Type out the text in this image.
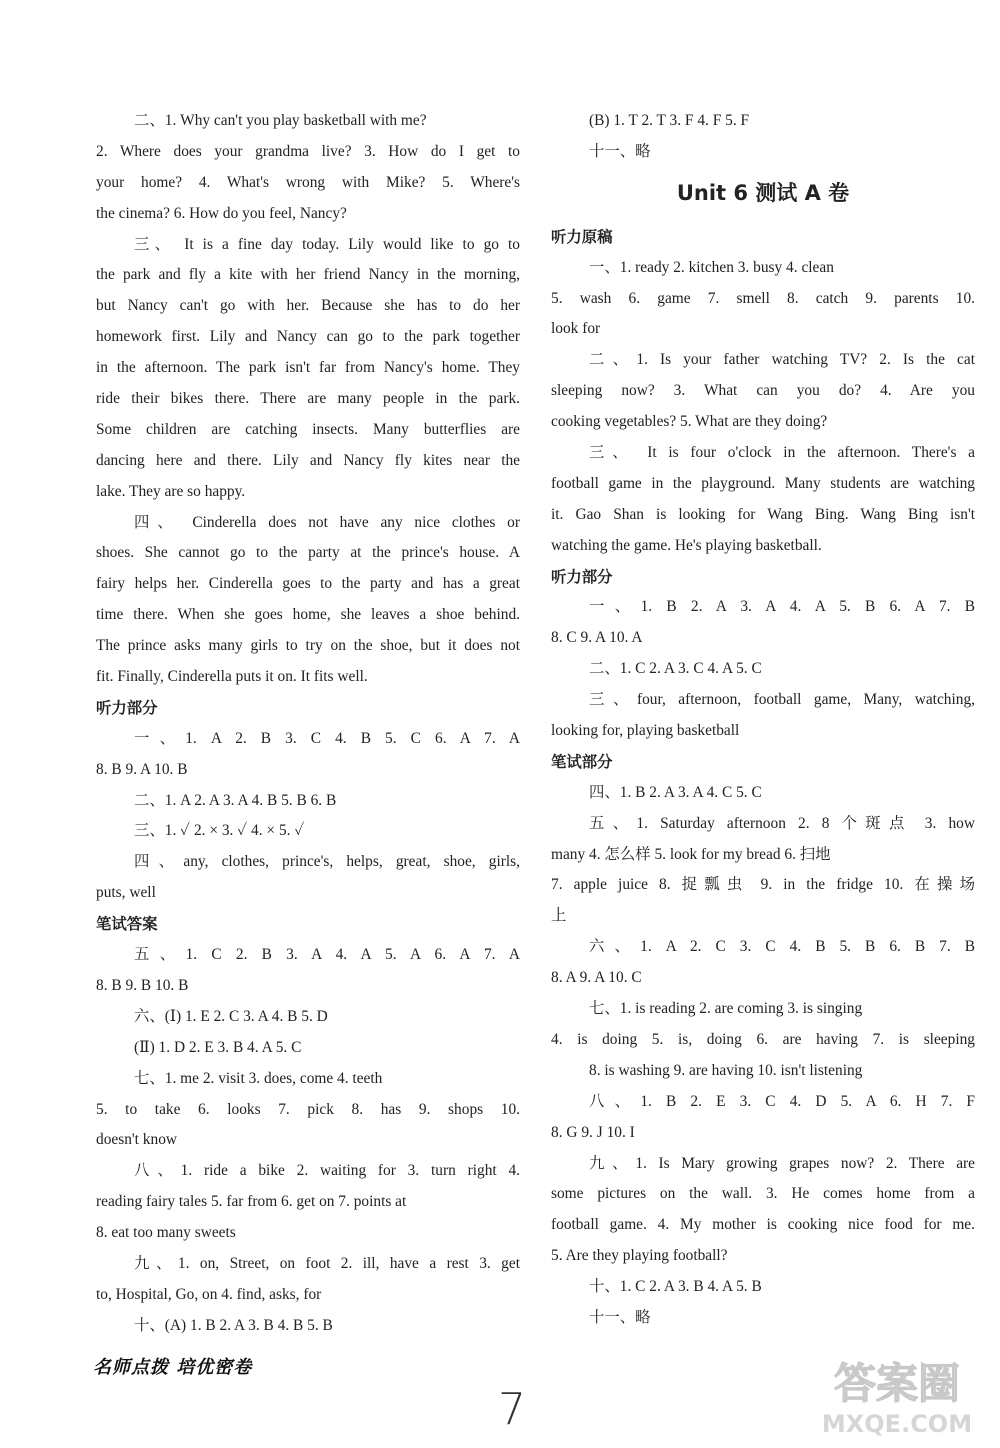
二、1. Why can't you play basketball with me?
2. Where does your grandma live? 3. How do I get to
your home? 4. What's wrong with Mike? 5. Where's
the cinema? 6. How do you feel, Nancy?
三、 It is a fine day today. Lily would like to go to
the park and fly a kite with her friend Nancy in the morning,
but Nancy can't go with her. Because she has to do her
homework first. Lily and Nancy can go to the park together
in the afternoon. The park isn't far from Nancy's home. They
ride their bikes there. There are many people in the park.
Some children are catching insects. Many butterflies are
dancing here and there. Lily and Nancy fly kites near the
lake. They are so happy.
四、 Cinderella does not have any nice clothes or
shoes. She cannot go to the party at the prince's house. A
fairy helps her. Cinderella goes to the party and has a great
time there. When she goes home, she leaves a shoe behind.
The prince asks many girls to try on the shoe, but it does not
fit. Finally, Cinderella puts it on. It fits well.
听力部分
一、1. A 2. B 3. C 4. B 5. C 6. A 7. A
8. B 9. A 10. B
二、1. A 2. A 3. A 4. B 5. B 6. B
三、1. ✓ 2. × 3. ✓ 4. × 5. ✓
四、any, clothes, prince's, helps, great, shoe, girls,
puts, well
笔试答案
五、1. C 2. B 3. A 4. A 5. A 6. A 7. A
8. B 9. B 10. B
六、(Ⅰ) 1. E 2. C 3. A 4. B 5. D
(Ⅱ) 1. D 2. E 3. B 4. A 5. C
七、1. me 2. visit 3. does, come 4. teeth
5. to take 6. looks 7. pick 8. has 9. shops 10.
doesn't know
八、1. ride a bike 2. waiting for 3. turn right 4.
reading fairy tales 5. far from 6. get on 7. points at
8. eat too many sweets
九、1. on, Street, on foot 2. ill, have a rest 3. get
to, Hospital, Go, on 4. find, asks, for
十、(A) 1. B 2. A 3. B 4. B 5. B
(B) 1. T 2. T 3. F 4. F 5. F
十一、略
Unit 6 测试 A 卷
听力原稿
一、1. ready 2. kitchen 3. busy 4. clean
5. wash 6. game 7. smell 8. catch 9. parents 10.
look for
二、1. Is your father watching TV? 2. Is the cat
sleeping now? 3. What can you do? 4. Are you
cooking vegetables? 5. What are they doing?
三、 It is four o'clock in the afternoon. There's a
football game in the playground. Many students are watching
it. Gao Shan is looking for Wang Bing. Wang Bing isn't
watching the game. He's playing basketball.
听力部分
一、1. B 2. A 3. A 4. A 5. B 6. A 7. B
8. C 9. A 10. A
二、1. C 2. A 3. C 4. A 5. C
三、four, afternoon, football game, Many, watching,
looking for, playing basketball
笔试部分
四、1. B 2. A 3. A 4. C 5. C
五、1. Saturday afternoon 2. 8 个斑点 3. how
many 4. 怎么样 5. look for my bread 6. 扫地
7. apple juice 8. 捉瓢虫 9. in the fridge 10. 在操场
上
六、1. A 2. C 3. C 4. B 5. B 6. B 7. B
8. A 9. A 10. C
七、1. is reading 2. are coming 3. is singing
4. is doing 5. is, doing 6. are having 7. is sleeping
8. is washing 9. are having 10. isn't listening
八、1. B 2. E 3. C 4. D 5. A 6. H 7. F
8. G 9. J 10. I
九、1. Is Mary growing grapes now? 2. There are
some pictures on the wall. 3. He comes home from a
football game. 4. My mother is cooking nice food for me.
5. Are they playing football?
十、1. C 2. A 3. B 4. A 5. B
十一、略
名师点拨 培优密卷
7
答案圈
MXQE.COM
